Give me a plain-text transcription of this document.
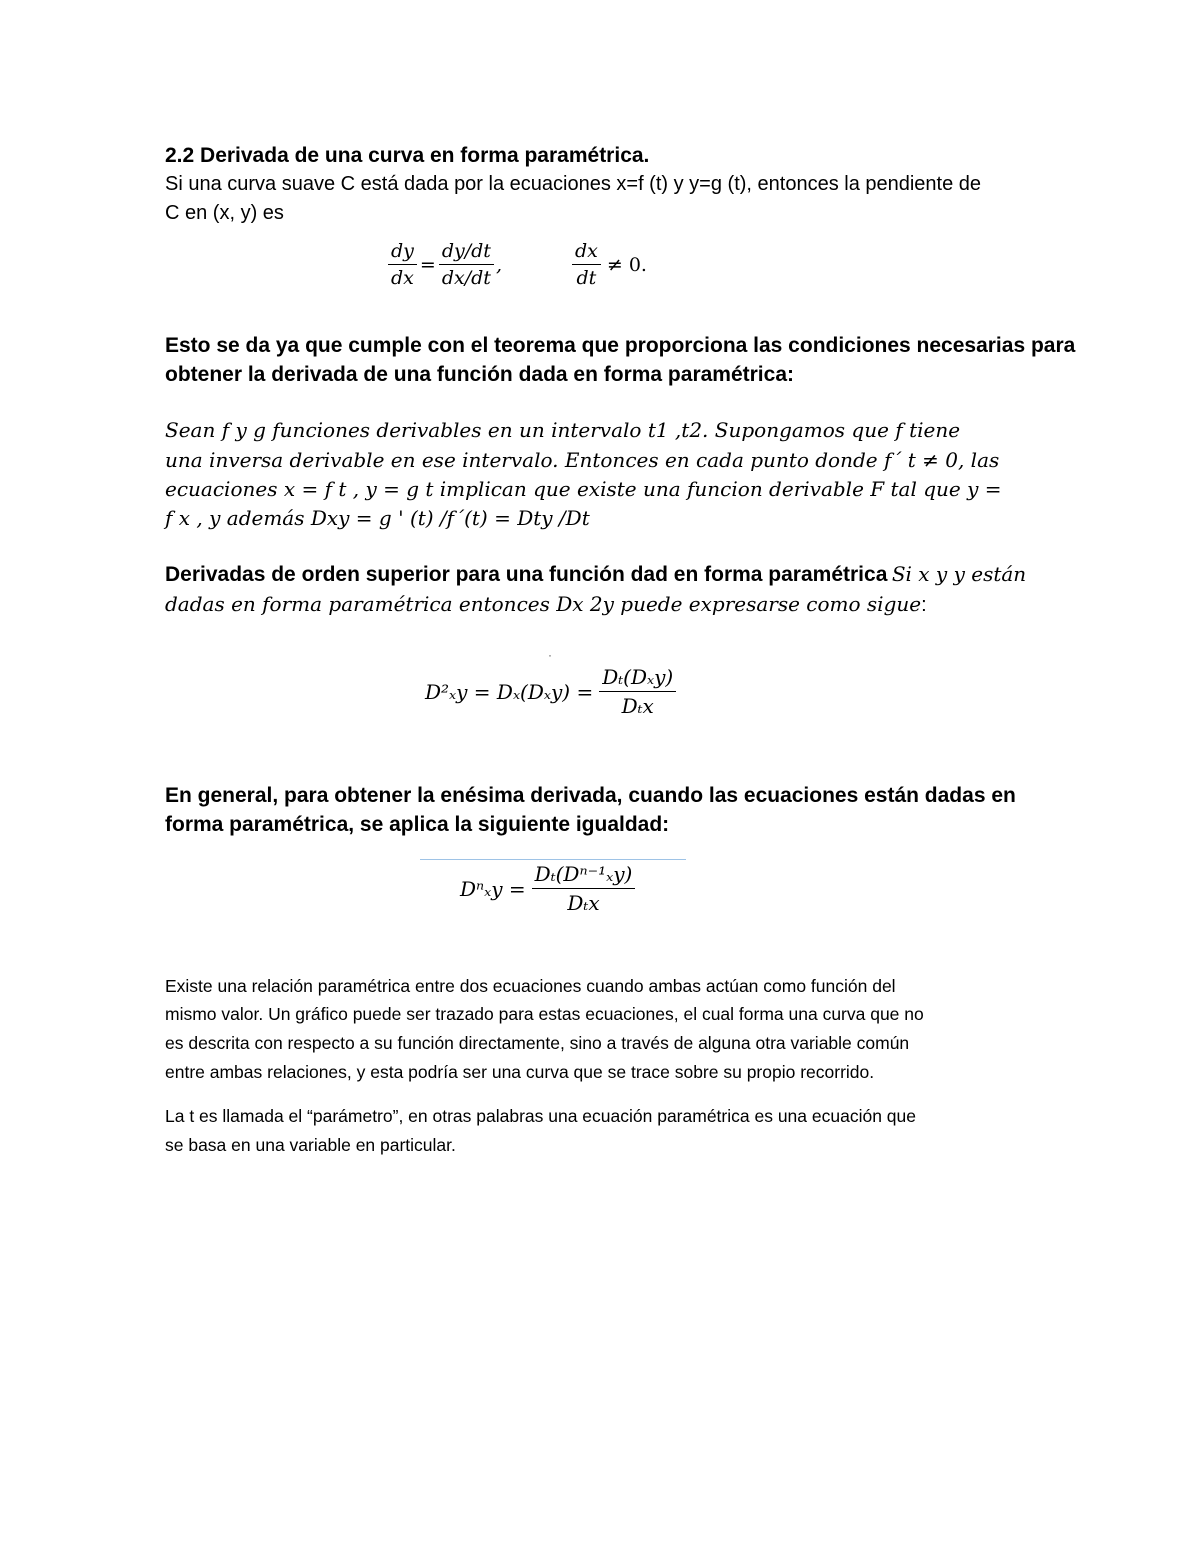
2.2 Derivada de una curva en forma paramétrica.
Si una curva suave C está dada por la ecuaciones x=f (t) y y=g (t), entonces la pendiente de
C en (x, y) es
$\frac{dy}{dx} = \frac{dy/dt}{dx/dt}$ ,	$\frac{dx}{dt} \ne 0$.
Esto se da ya que cumple con el teorema que proporciona las condiciones necesarias para
obtener la derivada de una función dada en forma paramétrica:
Sean f y g funciones derivables en un intervalo t1 ,t2. Supongamos que f tiene
una inversa derivable en ese intervalo. Entonces en cada punto donde f´ t ≠ 0, las
ecuaciones x = f t , y = g t implican que existe una funcion derivable F tal que y =
f x , y además Dxy = g ' (t) /f´(t) = Dty /Dt
Derivadas de orden superior para una función dad en forma paramétrica Si x y y están
dadas en forma paramétrica entonces Dx 2y puede expresarse como sigue:
·
$D^2_xy = D_x(D_xy) = \frac{\text{Dₜ(Dₓy)}}{\text{Dₜx}}$
En general, para obtener la enésima derivada, cuando las ecuaciones están dadas en
forma paramétrica, se aplica la siguiente igualdad:
$D^n_xy = \frac{\text{Dₜ(Dⁿ⁻¹ₓy)}}{\text{Dₜx}}$
Existe una relación paramétrica entre dos ecuaciones cuando ambas actúan como función del
mismo valor. Un gráfico puede ser trazado para estas ecuaciones, el cual forma una curva que no
es descrita con respecto a su función directamente, sino a través de alguna otra variable común
entre ambas relaciones, y esta podría ser una curva que se trace sobre su propio recorrido.
La t es llamada el “parámetro”, en otras palabras una ecuación paramétrica es una ecuación que
se basa en una variable en particular.
